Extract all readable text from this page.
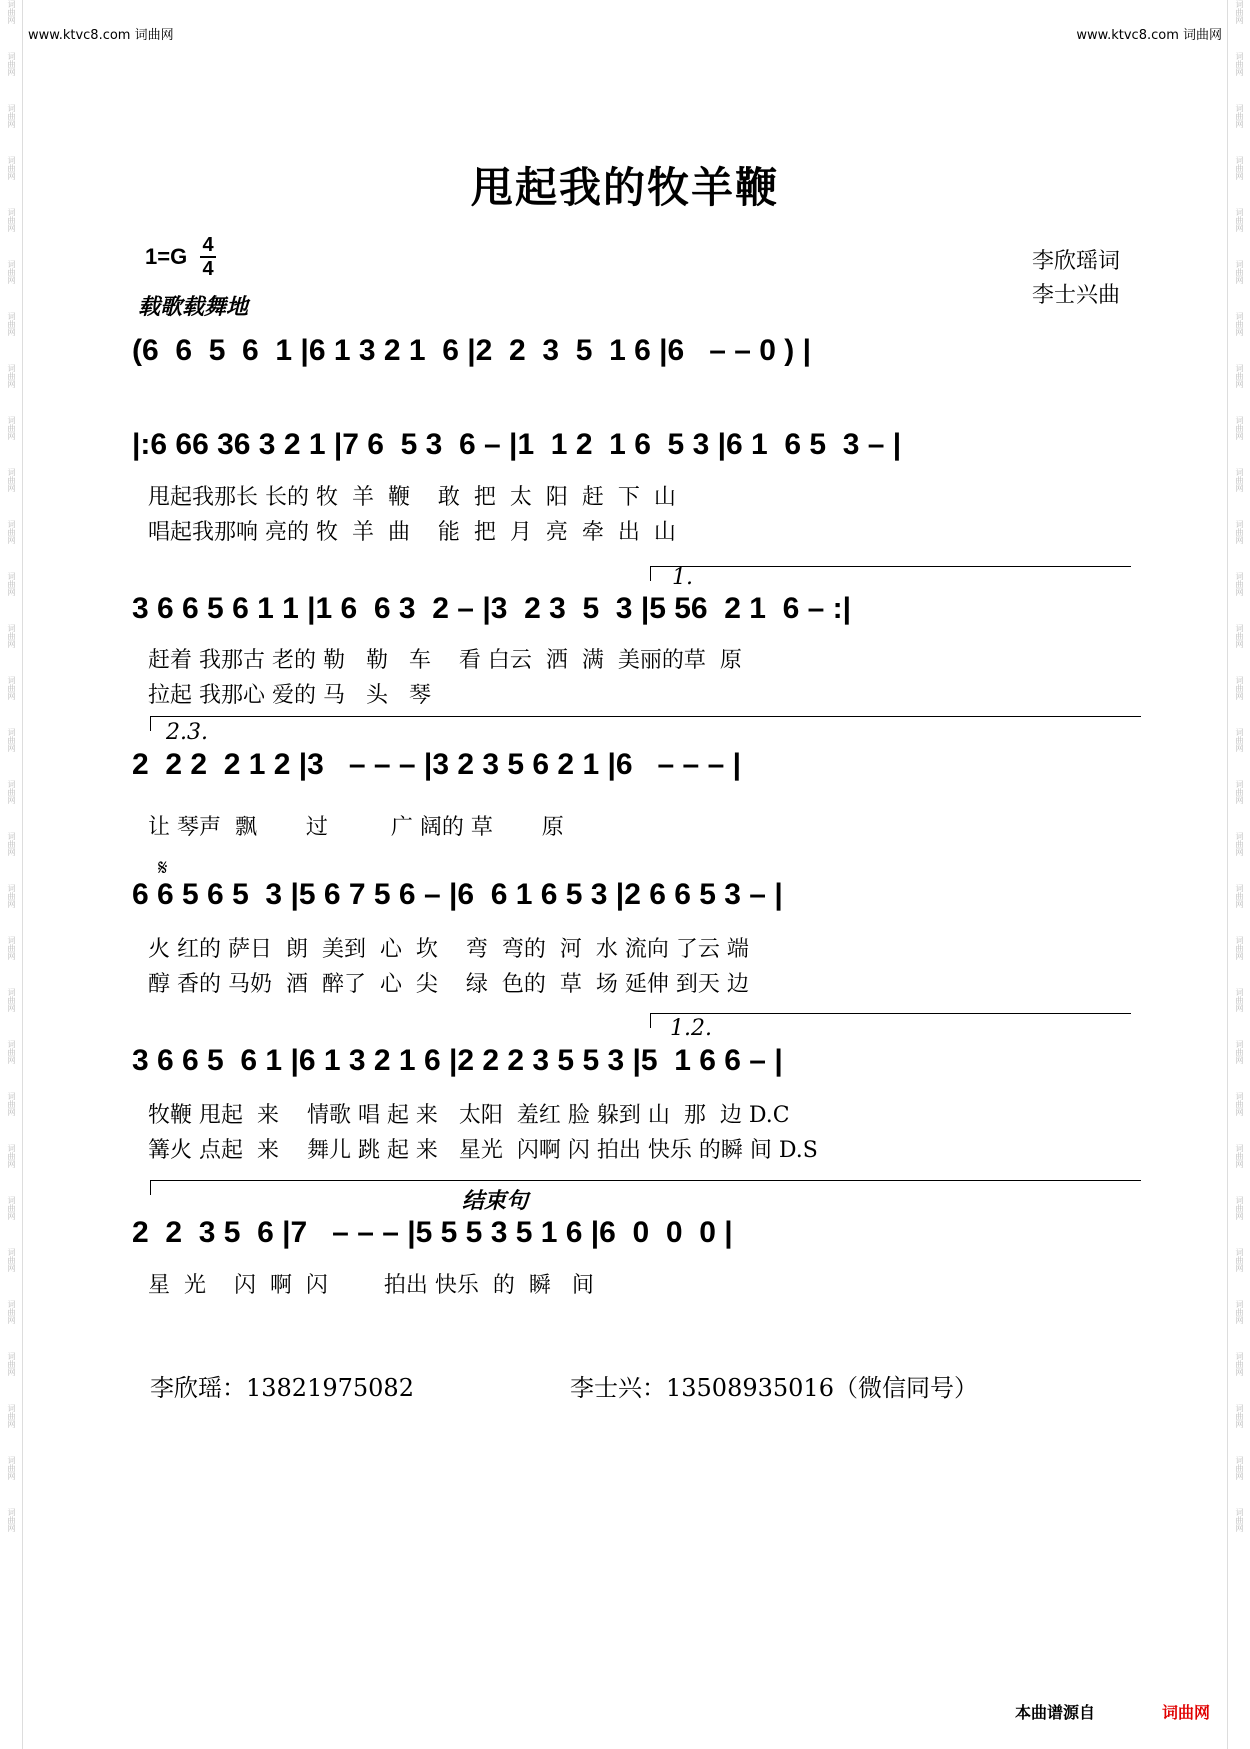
词曲网
词曲网
词曲网
词曲网
词曲网
词曲网
词曲网
词曲网
词曲网
词曲网
词曲网
词曲网
词曲网
词曲网
词曲网
词曲网
词曲网
词曲网
词曲网
词曲网
词曲网
词曲网
词曲网
词曲网
词曲网
词曲网
词曲网
词曲网
词曲网
词曲网
词曲网
词曲网
词曲网
词曲网
词曲网
词曲网
词曲网
词曲网
词曲网
词曲网
词曲网
词曲网
词曲网
词曲网
词曲网
词曲网
词曲网
词曲网
词曲网
词曲网
词曲网
词曲网
词曲网
词曲网
词曲网
词曲网
词曲网
词曲网
词曲网
词曲网
www.ktvc8.com 词曲网	www.ktvc8.com 词曲网
甩起我的牧羊鞭
1=G 4
4	李欣瑶词
李士兴曲
载歌载舞地
(6  6  5  6  1 |6 1 3 2 1  6 |2  2  3  5  1 6 |6   – – 0 ) |
|:6 66 36 3 2 1 |7 6  5 3  6 – |1  1 2  1 6  5 3 |6 1  6 5  3 – |
甩起我那长 长的 牧  羊  鞭    敢  把  太  阳  赶  下  山
唱起我那响 亮的 牧  羊  曲    能  把  月  亮  牵  出  山
1.
3 6 6 5 6 1 1 |1 6  6 3  2 – |3  2 3  5  3 |5 56  2 1  6 – :|
赶着 我那古 老的 勒   勒   车    看 白云  洒  满  美丽的草  原
拉起 我那心 爱的 马   头   琴
2.3.
2  2 2  2 1 2 |3   – – – |3 2 3 5 6 2 1 |6   – – – |
让 琴声  飘       过         广 阔的 草       原
𝄋
6 6 5 6 5  3 |5 6 7 5 6 – |6  6 1 6 5 3 |2 6 6 5 3 – |
火 红的 萨日  朗  美到  心  坎    弯  弯的  河  水 流向 了云 端
醇 香的 马奶  酒  醉了  心  尖    绿  色的  草  场 延伸 到天 边
1.2.
3 6 6 5  6 1 |6 1 3 2 1 6 |2 2 2 3 5 5 3 |5  1 6 6 – |
牧鞭 甩起  来    情歌 唱 起 来   太阳  羞红 脸 躲到 山  那  边 D.C
篝火 点起  来    舞儿 跳 起 来   星光  闪啊 闪 拍出 快乐 的瞬 间 D.S
结束句
2  2  3 5  6 |7   – – – |5 5 5 3 5 1 6 |6  0  0  0 |
星  光    闪  啊  闪        拍出 快乐  的  瞬   间
李欣瑶：13821975082	李士兴：13508935016（微信同号）
本曲谱源自	词曲网
